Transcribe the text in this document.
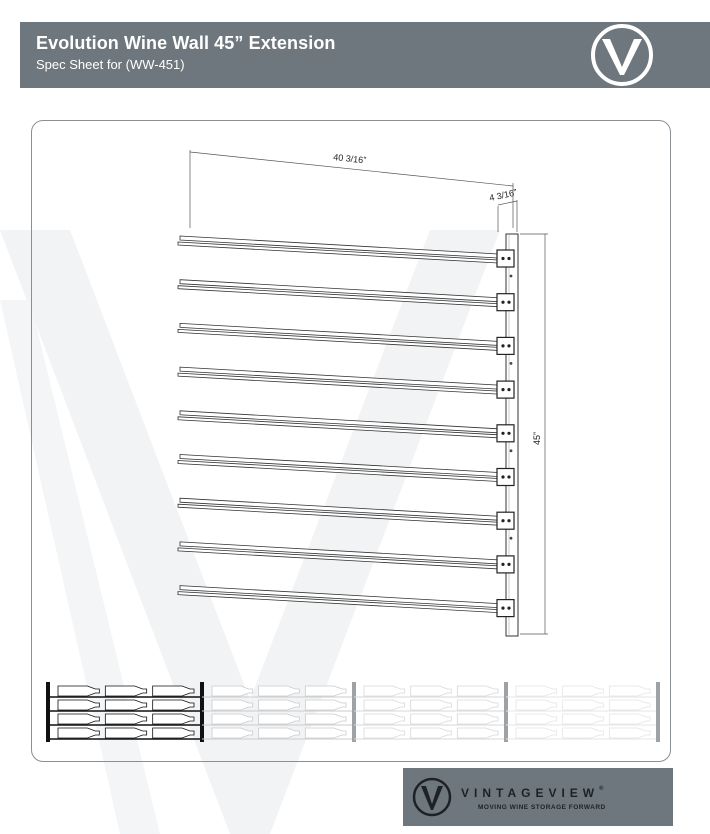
Evolution Wine Wall 45” Extension
Spec Sheet for (WW-451)
40 3/16ˮ
4 3/16ˮ
45”
VINTAGEVIEW®
MOVING WINE STORAGE FORWARD
